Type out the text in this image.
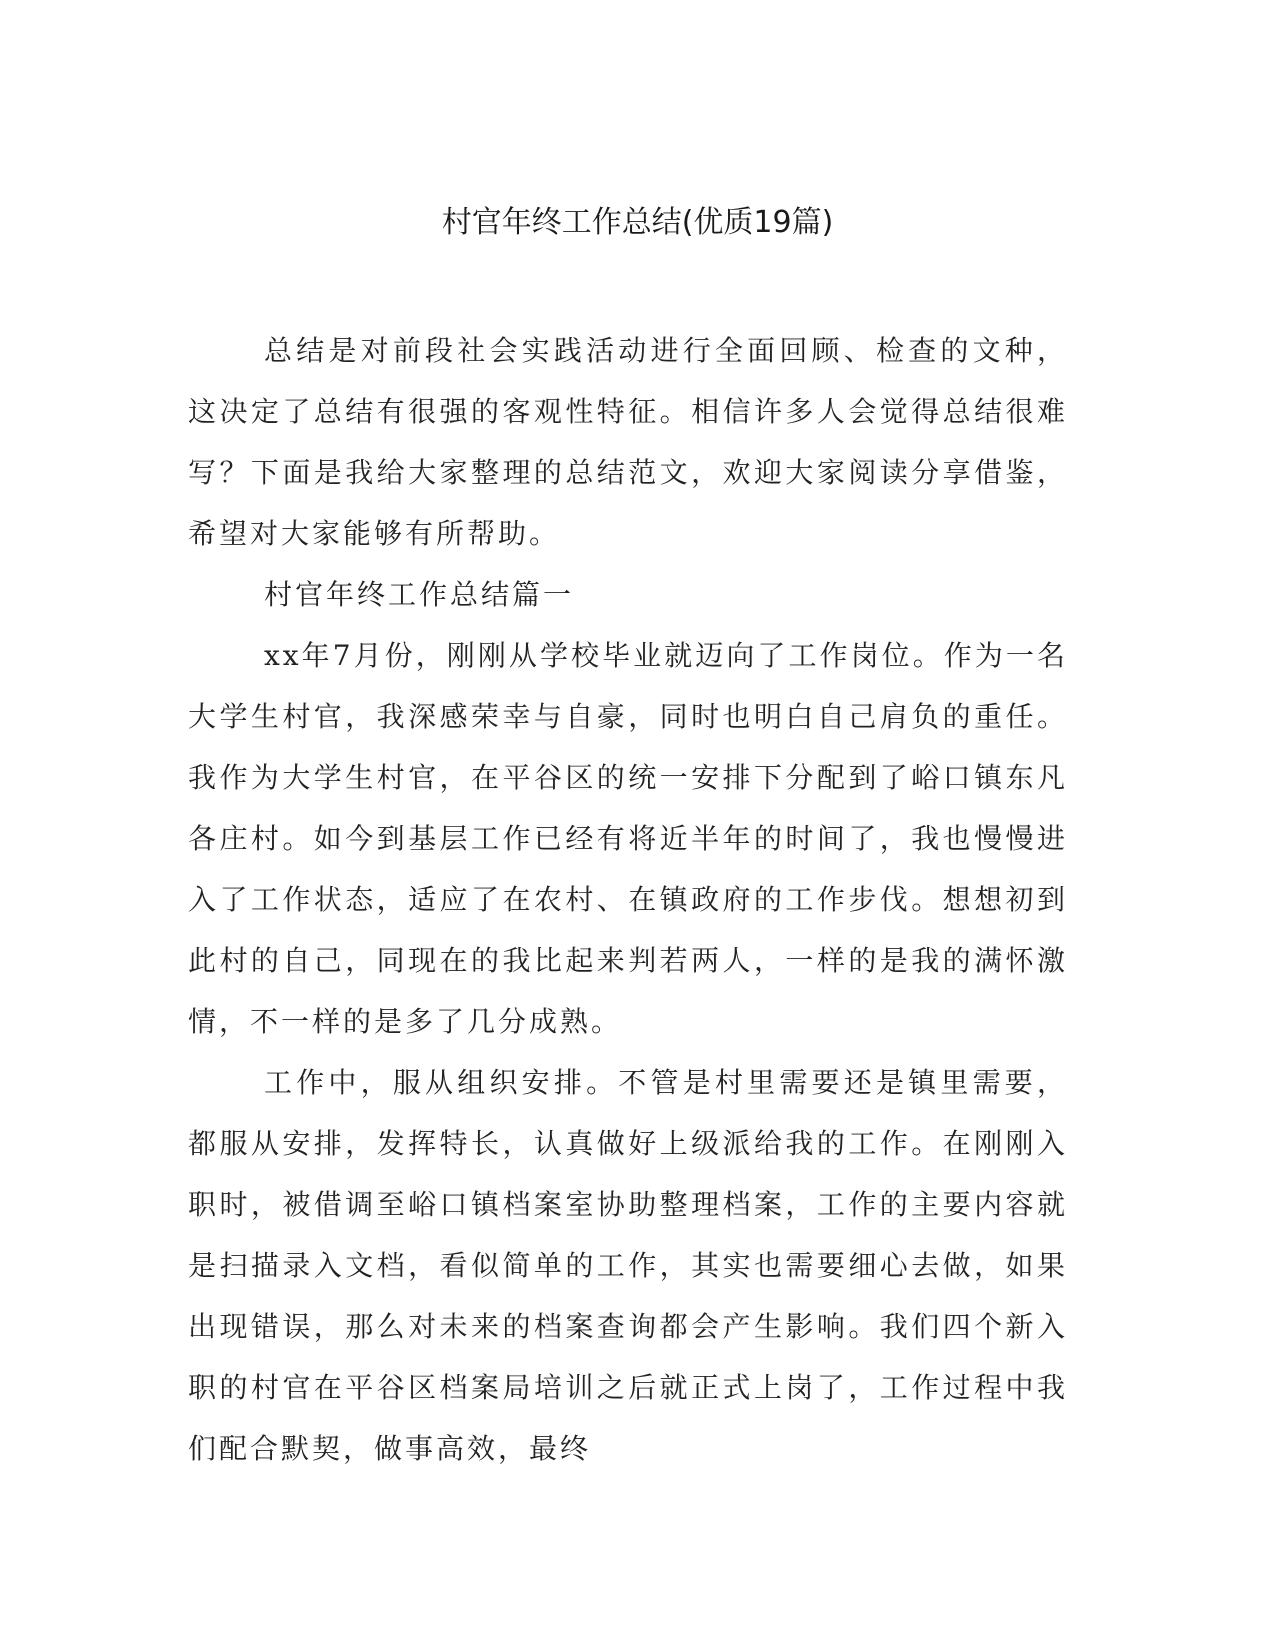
村官年终工作总结(优质19篇)

总结是对前段社会实践活动进行全面回顾、检查的文种，这决定了总结有很强的客观性特征。相信许多人会觉得总结很难写？下面是我给大家整理的总结范文，欢迎大家阅读分享借鉴，希望对大家能够有所帮助。

村官年终工作总结篇一

xx年7月份，刚刚从学校毕业就迈向了工作岗位。作为一名大学生村官，我深感荣幸与自豪，同时也明白自己肩负的重任。我作为大学生村官，在平谷区的统一安排下分配到了峪口镇东凡各庄村。如今到基层工作已经有将近半年的时间了，我也慢慢进入了工作状态，适应了在农村、在镇政府的工作步伐。想想初到此村的自己，同现在的我比起来判若两人，一样的是我的满怀激情，不一样的是多了几分成熟。

工作中，服从组织安排。不管是村里需要还是镇里需要，都服从安排，发挥特长，认真做好上级派给我的工作。在刚刚入职时，被借调至峪口镇档案室协助整理档案，工作的主要内容就是扫描录入文档，看似简单的工作，其实也需要细心去做，如果出现错误，那么对未来的档案查询都会产生影响。我们四个新入职的村官在平谷区档案局培训之后就正式上岗了，工作过程中我们配合默契，做事高效，最终
